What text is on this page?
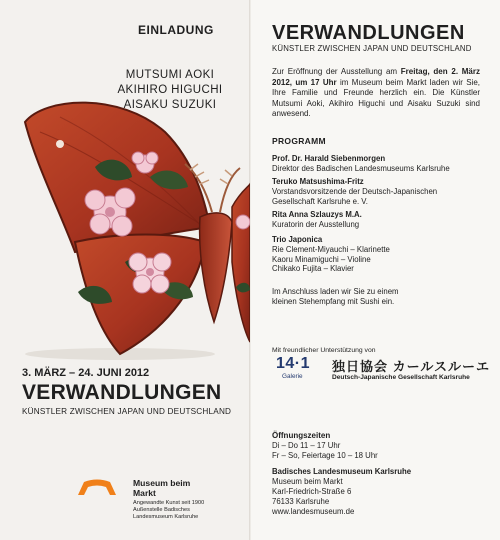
EINLADUNG
MUTSUMI AOKI
AKIHIRO HIGUCHI
AISAKU SUZUKI
3. MÄRZ – 24. JUNI 2012
VERWANDLUNGEN
KÜNSTLER ZWISCHEN JAPAN UND DEUTSCHLAND
Museum beim Markt
Angewandte Kunst seit 1900
Außenstelle Badisches
Landesmuseum Karlsruhe
VERWANDLUNGEN
KÜNSTLER ZWISCHEN JAPAN UND DEUTSCHLAND
Zur Eröffnung der Ausstellung am Freitag, den 2. März 2012, um 17 Uhr im Museum beim Markt laden wir Sie, Ihre Familie und Freunde herzlich ein. Die Künstler Mutsumi Aoki, Akihiro Higuchi und Aisaku Suzuki sind anwesend.
PROGRAMM
Prof. Dr. Harald Siebenmorgen
Direktor des Badischen Landesmuseums Karlsruhe
Teruko Matsushima-Fritz
Vorstandsvorsitzende der Deutsch-Japanischen
Gesellschaft Karlsruhe e. V.
Rita Anna Szlauzys M.A.
Kuratorin der Ausstellung
Trio Japonica
Rie Clement-Miyauchi – Klarinette
Kaoru Minamiguchi – Violine
Chikako Fujita – Klavier
Im Anschluss laden wir Sie zu einem
kleinen Stehempfang mit Sushi ein.
Mit freundlicher Unterstützung von
14·1
Galerie
独日協会 カールスルーエ
Deutsch-Japanische Gesellschaft Karlsruhe
Öffnungszeiten
Di – Do 11 – 17 Uhr
Fr – So, Feiertage 10 – 18 Uhr
Badisches Landesmuseum Karlsruhe
Museum beim Markt
Karl-Friedrich-Straße 6
76133 Karlsruhe
www.landesmuseum.de
